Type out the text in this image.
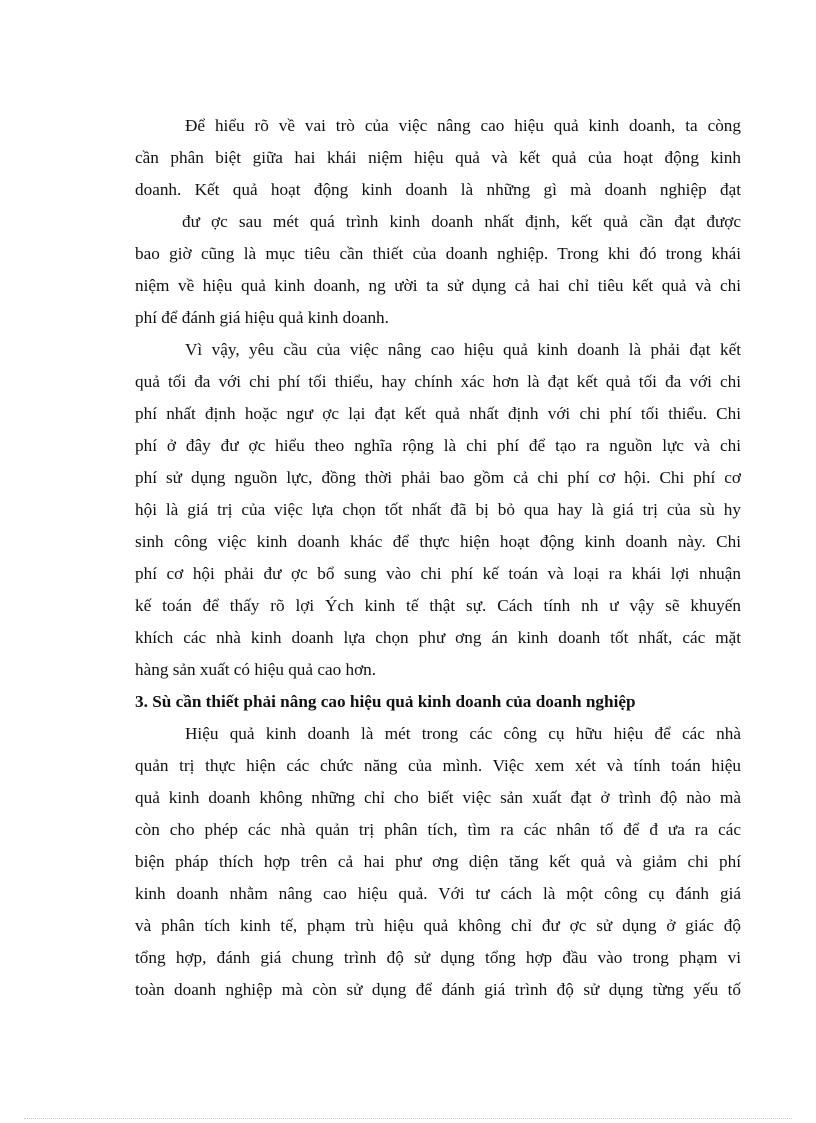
Để hiểu rõ về vai trò của việc nâng cao hiệu quả kinh doanh, ta còng
cần phân biệt giữa hai khái niệm hiệu quả và kết quả của hoạt động kinh
doanh. Kết quả hoạt động kinh doanh là những gì mà doanh nghiệp đạt
đư ợc sau mét quá trình kinh doanh nhất định, kết quả cần đạt được
bao giờ cũng là mục tiêu cần thiết của doanh nghiệp. Trong khi đó trong khái
niệm về hiệu quả kinh doanh, ng ười ta sử dụng cả hai chỉ tiêu kết quả và chi
phí để đánh giá hiệu quả kinh doanh.
Vì vậy, yêu cầu của việc nâng cao hiệu quả kinh doanh là phải đạt kết
quả tối đa với chi phí tối thiểu, hay chính xác hơn là đạt kết quả tối đa với chi
phí nhất định hoặc ngư ợc lại đạt kết quả nhất định với chi phí tối thiểu. Chi
phí ở đây đư ợc hiểu theo nghĩa rộng là chi phí để tạo ra nguồn lực và chi
phí sử dụng nguồn lực, đồng thời phải bao gồm cả chi phí cơ hội. Chi phí cơ
hội là giá trị của việc lựa chọn tốt nhất đã bị bỏ qua hay là giá trị của sù hy
sinh công việc kinh doanh khác để thực hiện hoạt động kinh doanh này. Chi
phí cơ hội phải đư ợc bổ sung vào chi phí kế toán và loại ra khái lợi nhuận
kế toán để thấy rõ lợi Ých kinh tế thật sự. Cách tính nh ư vậy sẽ khuyến
khích các nhà kinh doanh lựa chọn phư ơng án kinh doanh tốt nhất, các mặt
hàng sản xuất có hiệu quả cao hơn.
3. Sù cần thiết phải nâng cao hiệu quả kinh doanh của doanh nghiệp
Hiệu quả kinh doanh là mét trong các công cụ hữu hiệu để các nhà
quản trị thực hiện các chức năng của mình. Việc xem xét và tính toán hiệu
quả kinh doanh không những chỉ cho biết việc sản xuất đạt ở trình độ nào mà
còn cho phép các nhà quản trị phân tích, tìm ra các nhân tố để đ ưa ra các
biện pháp thích hợp trên cả hai phư ơng diện tăng kết quả và giảm chi phí
kinh doanh nhằm nâng cao hiệu quả. Với tư cách là một công cụ đánh giá
và phân tích kinh tế, phạm trù hiệu quả không chỉ đư ợc sử dụng ở giác độ
tổng hợp, đánh giá chung trình độ sử dụng tổng hợp đầu vào trong phạm vi
toàn doanh nghiệp mà còn sử dụng để đánh giá trình độ sử dụng từng yếu tố
